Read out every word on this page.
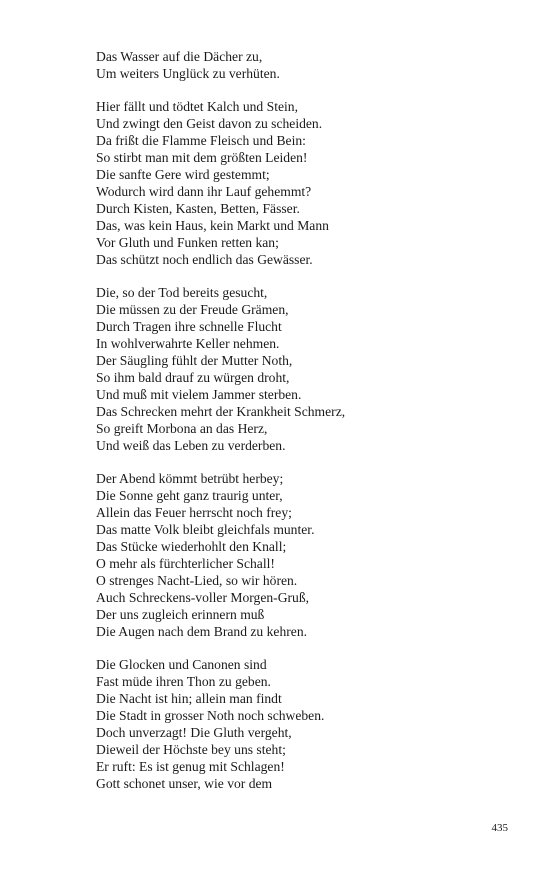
Das Wasser auf die Dächer zu,
Um weiters Unglück zu verhüten.
Hier fällt und tödtet Kalch und Stein,
Und zwingt den Geist davon zu scheiden.
Da frißt die Flamme Fleisch und Bein:
So stirbt man mit dem größten Leiden!
Die sanfte Gere wird gestemmt;
Wodurch wird dann ihr Lauf gehemmt?
Durch Kisten, Kasten, Betten, Fässer.
Das, was kein Haus, kein Markt und Mann
Vor Gluth und Funken retten kan;
Das schützt noch endlich das Gewässer.
Die, so der Tod bereits gesucht,
Die müssen zu der Freude Grämen,
Durch Tragen ihre schnelle Flucht
In wohlverwahrte Keller nehmen.
Der Säugling fühlt der Mutter Noth,
So ihm bald drauf zu würgen droht,
Und muß mit vielem Jammer sterben.
Das Schrecken mehrt der Krankheit Schmerz,
So greift Morbona an das Herz,
Und weiß das Leben zu verderben.
Der Abend kömmt betrübt herbey;
Die Sonne geht ganz traurig unter,
Allein das Feuer herrscht noch frey;
Das matte Volk bleibt gleichfals munter.
Das Stücke wiederhohlt den Knall;
O mehr als fürchterlicher Schall!
O strenges Nacht-Lied, so wir hören.
Auch Schreckens-voller Morgen-Gruß,
Der uns zugleich erinnern muß
Die Augen nach dem Brand zu kehren.
Die Glocken und Canonen sind
Fast müde ihren Thon zu geben.
Die Nacht ist hin; allein man findt
Die Stadt in grosser Noth noch schweben.
Doch unverzagt! Die Gluth vergeht,
Dieweil der Höchste bey uns steht;
Er ruft: Es ist genug mit Schlagen!
Gott schonet unser, wie vor dem
435
